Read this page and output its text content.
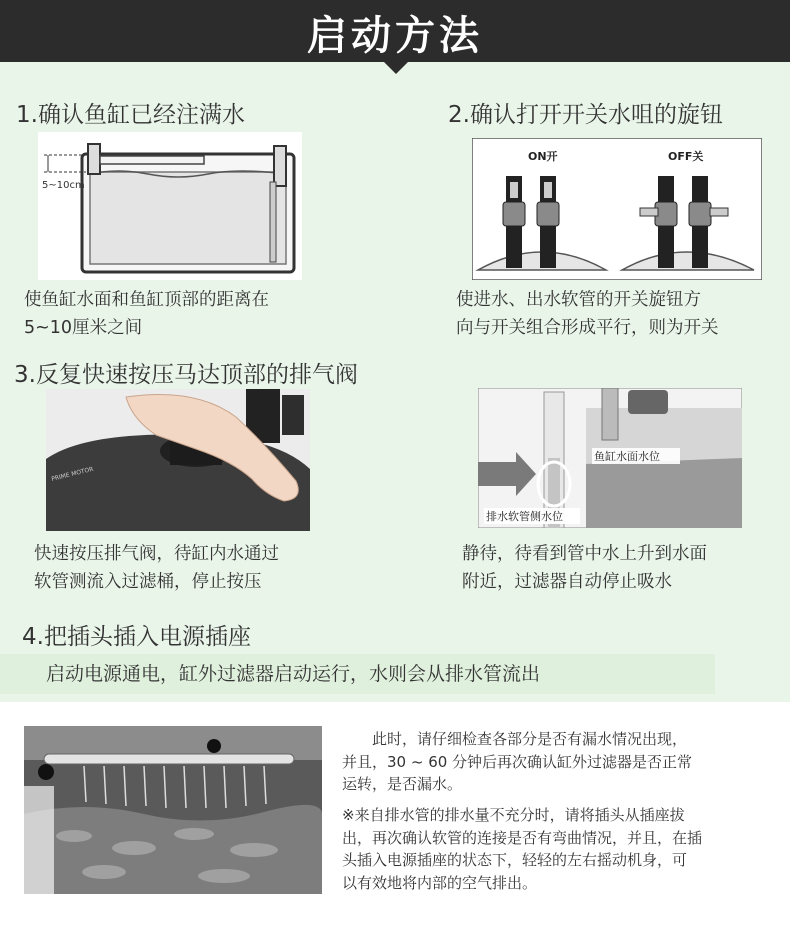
启动方法
1.确认鱼缸已经注满水
5~10cm
使鱼缸水面和鱼缸顶部的距离在
5~10厘米之间
2.确认打开开关水咀的旋钮
ON开	OFF关
使进水、出水软管的开关旋钮方
向与开关组合形成平行，则为开关
3.反复快速按压马达顶部的排气阀
PRIME MOTOR
鱼缸水面水位
排水软管侧水位
快速按压排气阀，待缸内水通过
软管测流入过滤桶，停止按压
静待，待看到管中水上升到水面
附近，过滤器自动停止吸水
4.把插头插入电源插座
启动电源通电，缸外过滤器启动运行，水则会从排水管流出
此时，请仔细检查各部分是否有漏水情况出现，
并且，30 ~ 60 分钟后再次确认缸外过滤器是否正常
运转，是否漏水。
※来自排水管的排水量不充分时，请将插头从插座拔
出，再次确认软管的连接是否有弯曲情况，并且，在插
头插入电源插座的状态下，轻轻的左右摇动机身，可
以有效地将内部的空气排出。
